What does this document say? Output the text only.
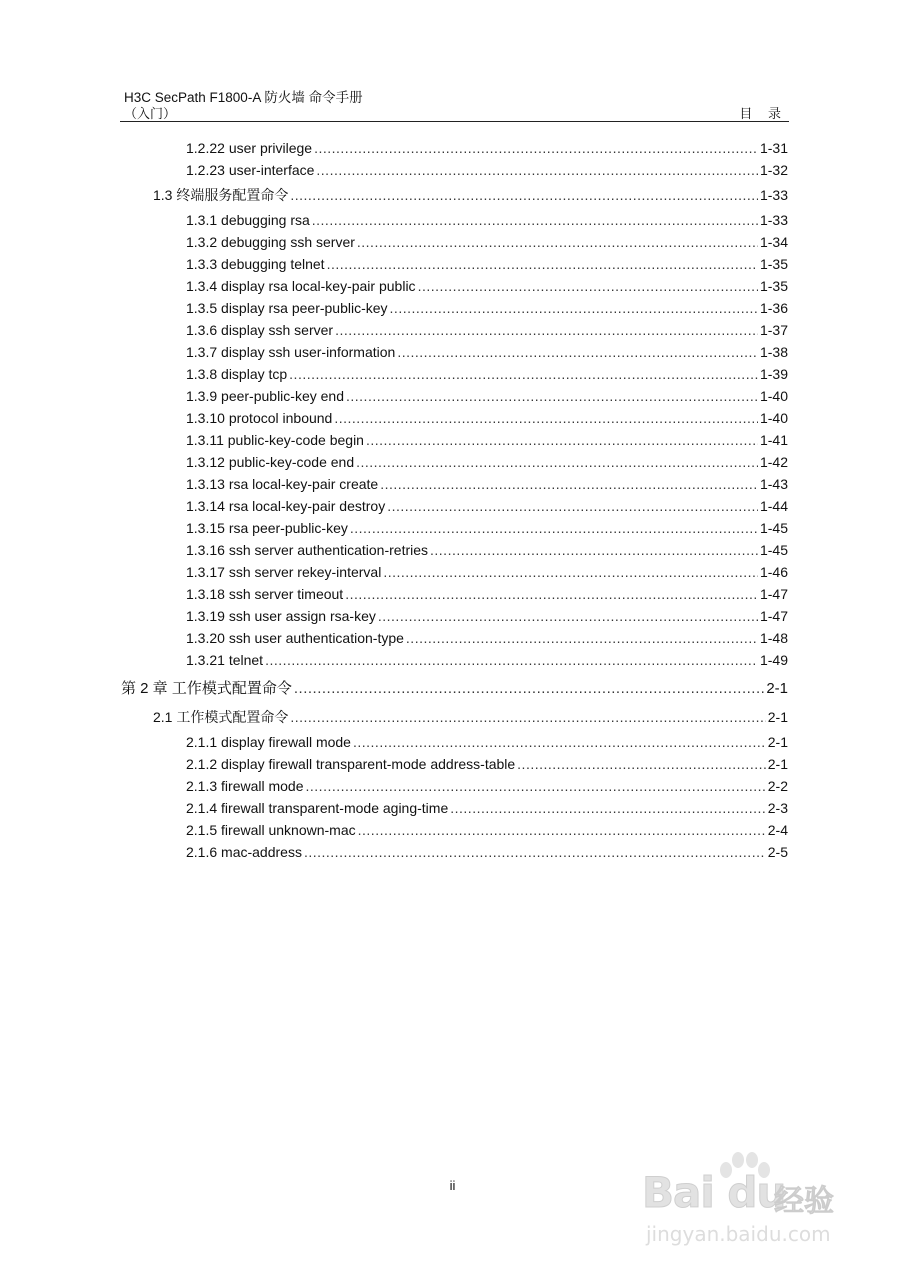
H3C SecPath F1800-A 防火墙 命令手册
（入门）	目 录
1.2.22 user privilege .....	1-31
1.2.23 user-interface .....	1-32
1.3 终端服务配置命令 .....	1-33
1.3.1 debugging rsa .....	1-33
1.3.2 debugging ssh server .....	1-34
1.3.3 debugging telnet .....	1-35
1.3.4 display rsa local-key-pair public .....	1-35
1.3.5 display rsa peer-public-key .....	1-36
1.3.6 display ssh server .....	1-37
1.3.7 display ssh user-information .....	1-38
1.3.8 display tcp .....	1-39
1.3.9 peer-public-key end .....	1-40
1.3.10 protocol inbound .....	1-40
1.3.11 public-key-code begin .....	1-41
1.3.12 public-key-code end .....	1-42
1.3.13 rsa local-key-pair create .....	1-43
1.3.14 rsa local-key-pair destroy .....	1-44
1.3.15 rsa peer-public-key .....	1-45
1.3.16 ssh server authentication-retries .....	1-45
1.3.17 ssh server rekey-interval .....	1-46
1.3.18 ssh server timeout .....	1-47
1.3.19 ssh user assign rsa-key .....	1-47
1.3.20 ssh user authentication-type .....	1-48
1.3.21 telnet .....	1-49
第 2 章 工作模式配置命令 .....	2-1
2.1 工作模式配置命令 .....	2-1
2.1.1 display firewall mode .....	2-1
2.1.2 display firewall transparent-mode address-table .....	2-1
2.1.3 firewall mode .....	2-2
2.1.4 firewall transparent-mode aging-time .....	2-3
2.1.5 firewall unknown-mac .....	2-4
2.1.6 mac-address .....	2-5
ii	Bai du
经验
jingyan.baidu.com
